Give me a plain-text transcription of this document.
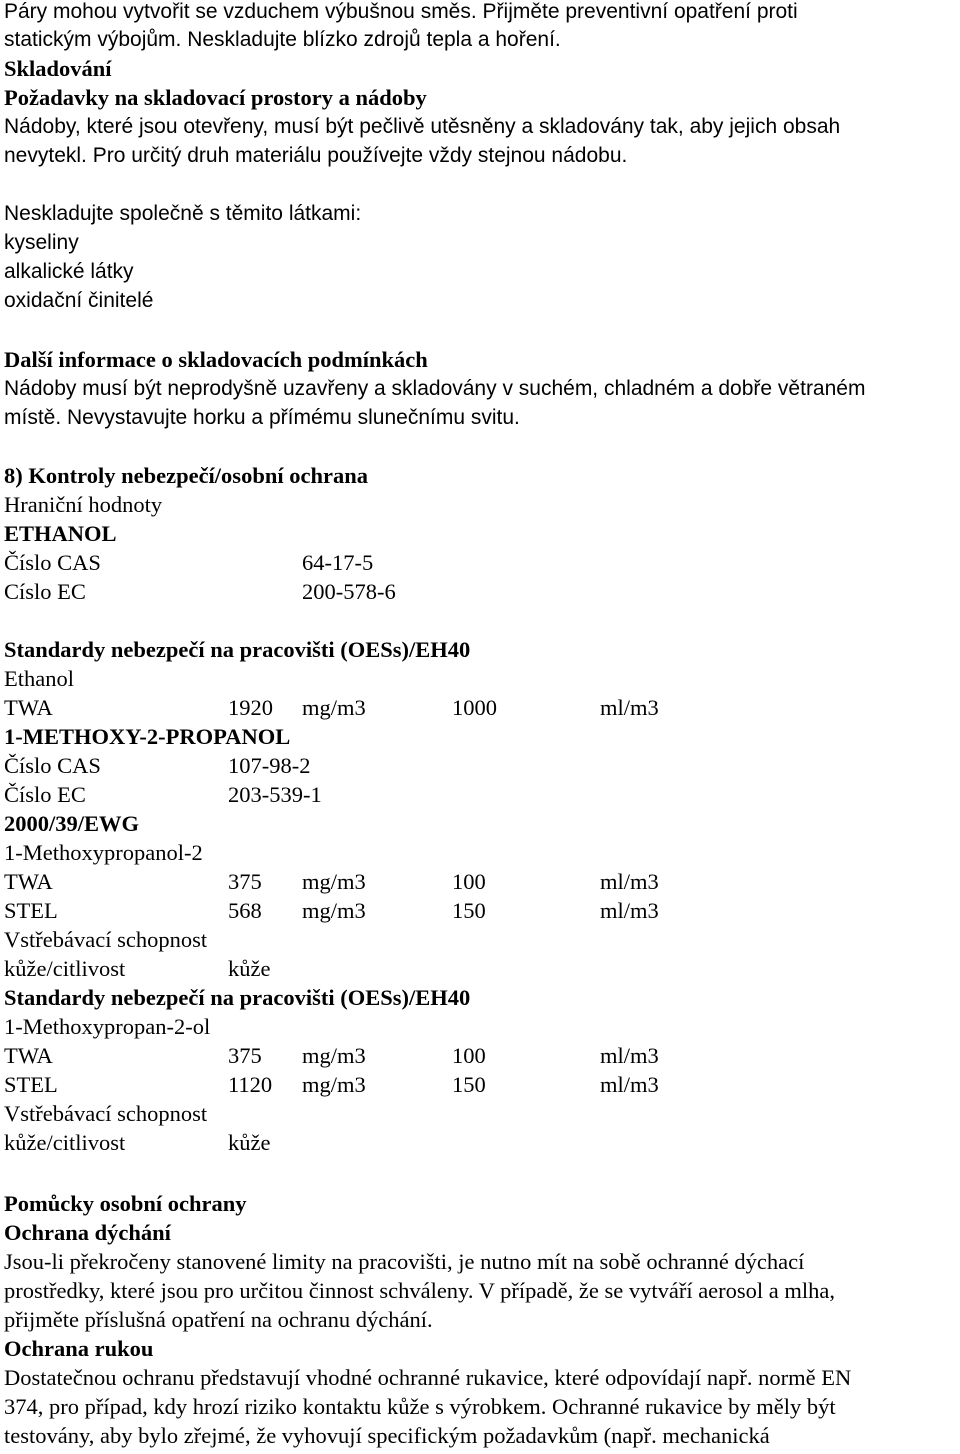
Páry mohou vytvořit se vzduchem výbušnou směs. Přijměte preventivní opatření proti
statickým výbojům. Neskladujte blízko zdrojů tepla a hoření.
Skladování
Požadavky na skladovací prostory a nádoby
Nádoby, které jsou otevřeny, musí být pečlivě utěsněny a skladovány tak, aby jejich obsah
nevytekl. Pro určitý druh materiálu používejte vždy stejnou nádobu.
Neskladujte společně s těmito látkami:
kyseliny
alkalické látky
oxidační činitelé
Další informace o skladovacích podmínkách
Nádoby musí být neprodyšně uzavřeny a skladovány v suchém, chladném a dobře větraném
místě. Nevystavujte horku a přímému slunečnímu svitu.
8) Kontroly nebezpečí/osobní ochrana
Hraniční hodnoty
ETHANOL
Číslo CAS	64-17-5
Císlo EC	200-578-6
Standardy nebezpečí na pracovišti (OESs)/EH40
Ethanol
TWA	1920 mg/m3	1000	ml/m3
1-METHOXY-2-PROPANOL
Číslo CAS	107-98-2
Číslo EC	203-539-1
2000/39/EWG
1-Methoxypropanol-2
TWA	375 mg/m3	100	ml/m3
STEL	568 mg/m3	150	ml/m3
Vstřebávací schopnost
kůže/citlivost	kůže
Standardy nebezpečí na pracovišti (OESs)/EH40
1-Methoxypropan-2-ol
TWA	375 mg/m3	100	ml/m3
STEL	1120 mg/m3	150	ml/m3
Vstřebávací schopnost
kůže/citlivost	kůže
Pomůcky osobní ochrany
Ochrana dýchání
Jsou-li překročeny stanovené limity na pracovišti, je nutno mít na sobě ochranné dýchací
prostředky, které jsou pro určitou činnost schváleny. V případě, že se vytváří aerosol a mlha,
přijměte příslušná opatření na ochranu dýchání.
Ochrana rukou
Dostatečnou ochranu představují vhodné ochranné rukavice, které odpovídají např. normě EN
374, pro případ, kdy hrozí riziko kontaktu kůže s výrobkem. Ochranné rukavice by měly být
testovány, aby bylo zřejmé, že vyhovují specifickým požadavkům (např. mechanická
